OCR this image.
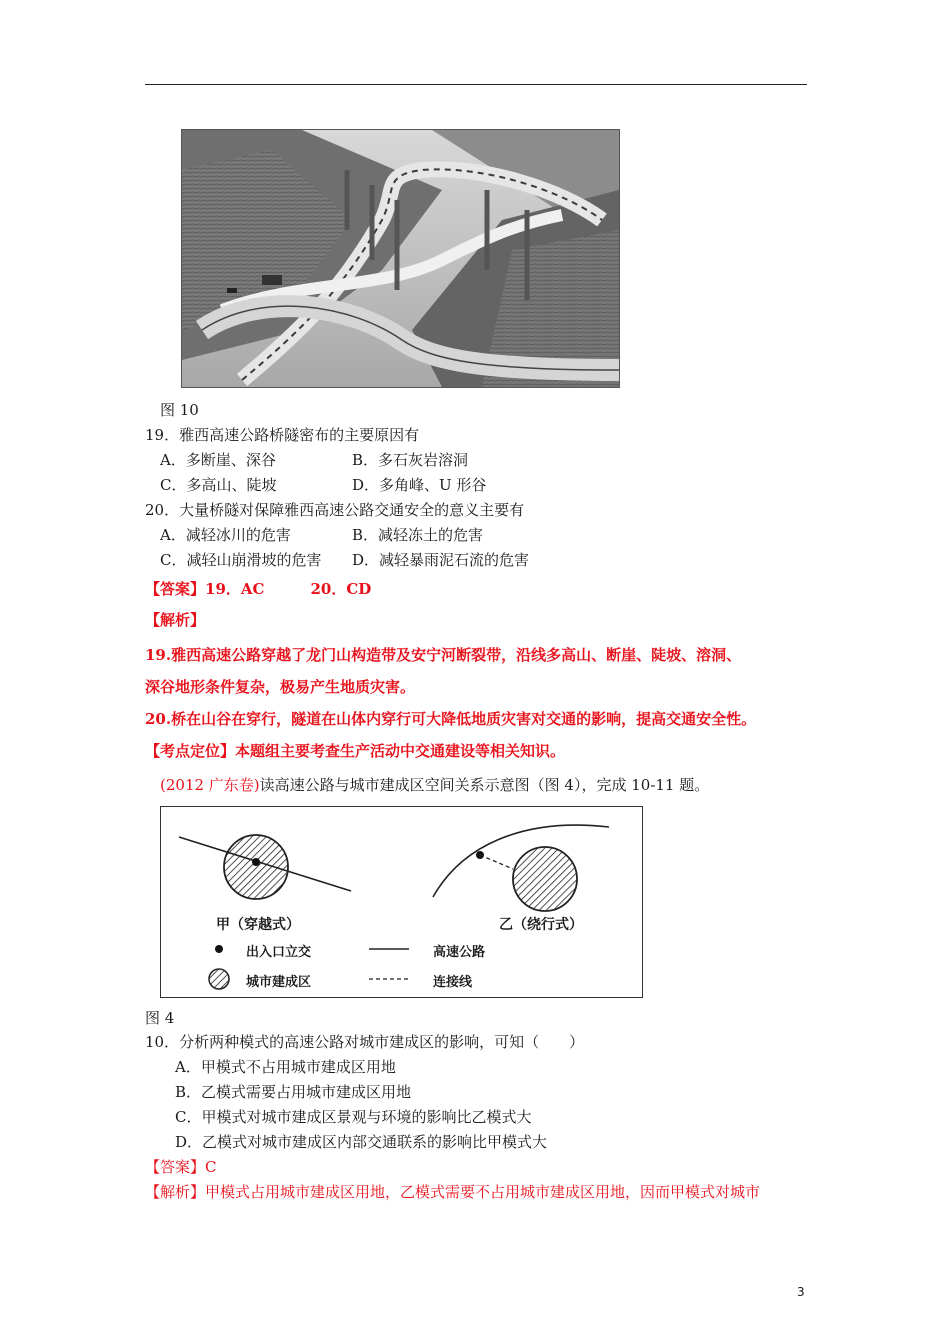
图 10
19．雅西高速公路桥隧密布的主要原因有
A．多断崖、深谷	B．多石灰岩溶洞
C．多高山、陡坡	D．多角峰、U 形谷
20．大量桥隧对保障雅西高速公路交通安全的意义主要有
A．减轻冰川的危害	B．减轻冻土的危害
C．减轻山崩滑坡的危害 D．减轻暴雨泥石流的危害
【答案】19．AC	20．CD
【解析】
19.雅西高速公路穿越了龙门山构造带及安宁河断裂带，沿线多高山、断崖、陡坡、溶洞、
深谷地形条件复杂，极易产生地质灾害。
20.桥在山谷在穿行，隧道在山体内穿行可大降低地质灾害对交通的影响，提高交通安全性。
【考点定位】本题组主要考查生产活动中交通建设等相关知识。
(2012 广东卷)读高速公路与城市建成区空间关系示意图（图 4），完成 10-11 题。
甲（穿越式）	乙（绕行式）
出入口立交
城市建成区
高速公路
连接线
图 4
10．分析两种模式的高速公路对城市建成区的影响，可知（　　）
A．甲模式不占用城市建成区用地
B．乙模式需要占用城市建成区用地
C．甲模式对城市建成区景观与环境的影响比乙模式大
D．乙模式对城市建成区内部交通联系的影响比甲模式大
【答案】C
【解析】甲模式占用城市建成区用地，乙模式需要不占用城市建成区用地，因而甲模式对城市
3
